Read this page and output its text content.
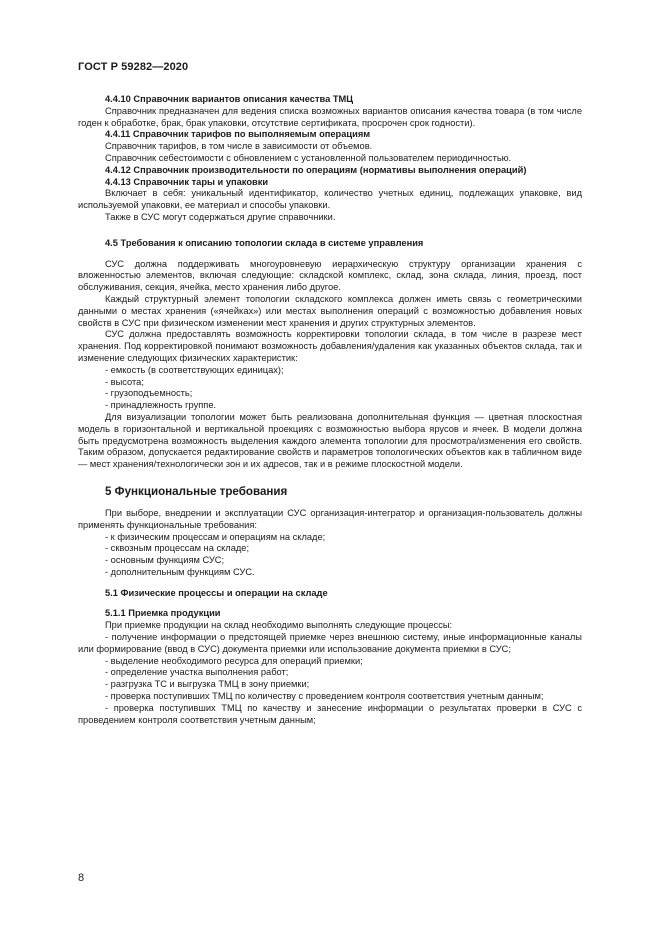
ГОСТ Р 59282—2020
4.4.10 Справочник вариантов описания качества ТМЦ
Справочник предназначен для ведения списка возможных вариантов описания качества товара (в том числе годен к обработке, брак, брак упаковки, отсутствие сертификата, просрочен срок годности).
4.4.11 Справочник тарифов по выполняемым операциям
Справочник тарифов, в том числе в зависимости от объемов.
Справочник себестоимости с обновлением с установленной пользователем периодичностью.
4.4.12 Справочник производительности по операциям (нормативы выполнения операций)
4.4.13 Справочник тары и упаковки
Включает в себя: уникальный идентификатор, количество учетных единиц, подлежащих упаковке, вид используемой упаковки, ее материал и способы упаковки.
Также в СУС могут содержаться другие справочники.
4.5 Требования к описанию топологии склада в системе управления
СУС должна поддерживать многоуровневую иерархическую структуру организации хранения с вложенностью элементов, включая следующие: складской комплекс, склад, зона склада, линия, проезд, пост обслуживания, секция, ячейка, место хранения либо другое.
Каждый структурный элемент топологии складского комплекса должен иметь связь с геометрическими данными о местах хранения («ячейках») или местах выполнения операций с возможностью добавления новых свойств в СУС при физическом изменении мест хранения и других структурных элементов.
СУС должна предоставлять возможность корректировки топологии склада, в том числе в разрезе мест хранения. Под корректировкой понимают возможность добавления/удаления как указанных объектов склада, так и изменение следующих физических характеристик:
- емкость (в соответствующих единицах);
- высота;
- грузоподъемность;
- принадлежность группе.
Для визуализации топологии может быть реализована дополнительная функция — цветная плоскостная модель в горизонтальной и вертикальной проекциях с возможностью выбора ярусов и ячеек. В модели должна быть предусмотрена возможность выделения каждого элемента топологии для просмотра/изменения его свойств. Таким образом, допускается редактирование свойств и параметров топологических объектов как в табличном виде — мест хранения/технологически зон и их адресов, так и в режиме плоскостной модели.
5 Функциональные требования
При выборе, внедрении и эксплуатации СУС организация-интегратор и организация-пользователь должны применять функциональные требования:
- к физическим процессам и операциям на складе;
- сквозным процессам на складе;
- основным функциям СУС;
- дополнительным функциям СУС.
5.1 Физические процессы и операции на складе
5.1.1 Приемка продукции
При приемке продукции на склад необходимо выполнять следующие процессы:
- получение информации о предстоящей приемке через внешнюю систему, иные информационные каналы или формирование (ввод в СУС) документа приемки или использование документа приемки в СУС;
- выделение необходимого ресурса для операций приемки;
- определение участка выполнения работ;
- разгрузка ТС и выгрузка ТМЦ в зону приемки;
- проверка поступивших ТМЦ по количеству с проведением контроля соответствия учетным данным;
- проверка поступивших ТМЦ по качеству и занесение информации о результатах проверки в СУС с проведением контроля соответствия учетным данным;
8
